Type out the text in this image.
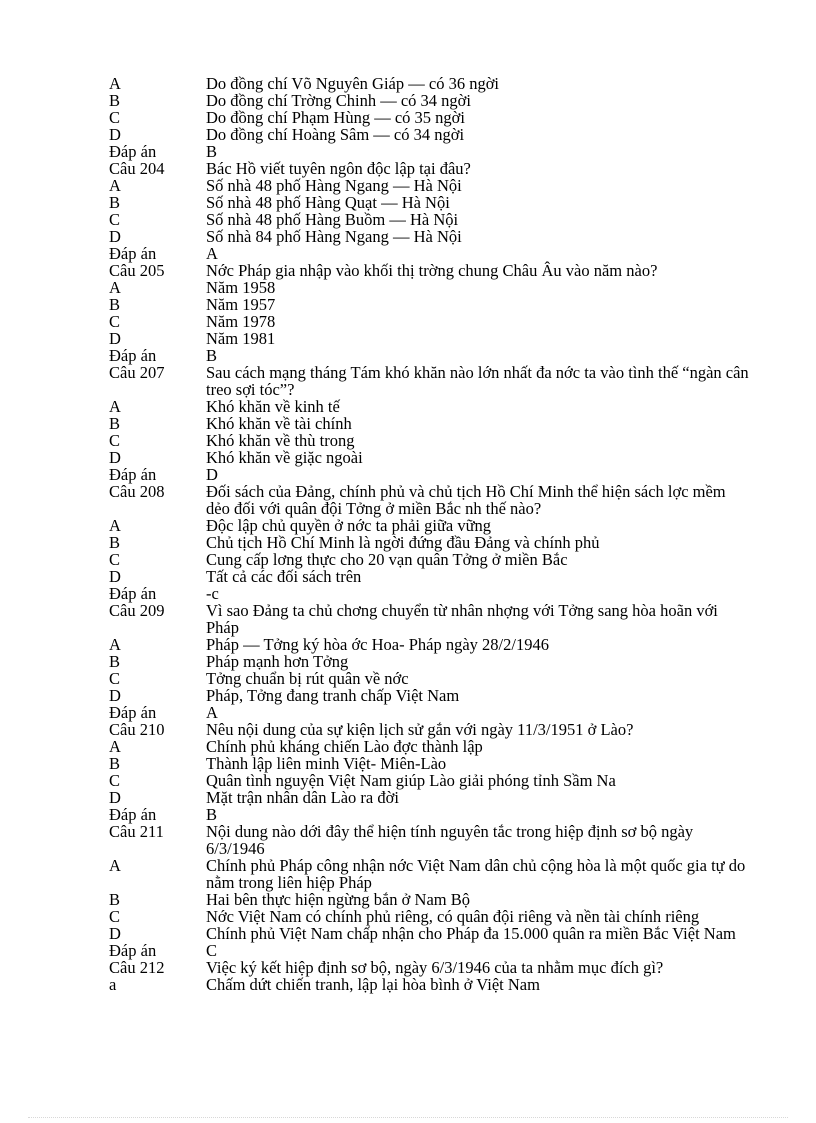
A	Do đồng chí Võ Nguyên Giáp — có 36 ngời
B	Do đồng chí Trờng Chinh — có 34 ngời
C	Do đồng chí Phạm Hùng — có 35 ngời
D	Do đồng chí Hoàng Sâm — có 34 ngời
Đáp án	B
Câu 204	Bác Hồ viết tuyên ngôn độc lập tại đâu?
A	Số nhà 48 phố Hàng Ngang — Hà Nội
B	Số nhà 48 phố Hàng Quạt — Hà Nội
C	Số nhà 48 phố Hàng Buồm — Hà Nội
D	Số nhà 84 phố Hàng Ngang — Hà Nội
Đáp án	A
Câu 205	Nớc Pháp gia nhập vào khối thị trờng chung Châu Âu vào năm nào?
A	Năm 1958
B	Năm 1957
C	Năm 1978
D	Năm 1981
Đáp án	B
Câu 207	Sau cách mạng tháng Tám khó khăn nào lớn nhất đa nớc ta vào tình thế “ngàn cân treo sợi tóc”?
A	Khó khăn về kinh tế
B	Khó khăn về tài chính
C	Khó khăn về thù trong
D	Khó khăn về giặc ngoài
Đáp án	D
Câu 208	Đối sách của Đảng, chính phủ và chủ tịch Hồ Chí Minh thể hiện sách lợc mềm dẻo đối với quân đội Tởng ở miền Bắc nh thế nào?
A	Độc lập chủ quyền ở nớc ta phải giữa vững
B	Chủ tịch Hồ Chí Minh là ngời đứng đầu Đảng và chính phủ
C	Cung cấp lơng thực cho 20 vạn quân Tởng ở miền Bắc
D	Tất cả các đối sách trên
Đáp án	-c
Câu 209	Vì sao Đảng ta chủ chơng chuyển từ nhân nhợng với Tởng sang hòa hoãn với Pháp
A	Pháp — Tởng ký hòa ớc Hoa- Pháp ngày 28/2/1946
B	Pháp mạnh hơn Tởng
C	Tởng chuẩn bị rút quân về nớc
D	Pháp, Tởng đang tranh chấp Việt Nam
Đáp án	A
Câu 210	Nêu nội dung của sự kiện lịch sử gắn với ngày 11/3/1951 ở Lào?
A	Chính phủ kháng chiến Lào đợc thành lập
B	Thành lập liên minh Việt- Miên-Lào
C	Quân tình nguyện Việt Nam giúp Lào giải phóng tỉnh Sầm Na
D	Mặt trận nhân dân Lào ra đời
Đáp án	B
Câu 211	Nội dung nào dới đây thể hiện tính nguyên tắc trong hiệp định sơ bộ ngày 6/3/1946
A	Chính phủ Pháp công nhận nớc Việt Nam dân chủ cộng hòa là một quốc gia tự do nằm trong liên hiệp Pháp
B	Hai bên thực hiện ngừng bắn ở Nam Bộ
C	Nớc Việt Nam có chính phủ riêng, có quân đội riêng và nền tài chính riêng
D	Chính phủ Việt Nam chấp nhận cho Pháp đa 15.000 quân ra miền Bắc Việt Nam
Đáp án	C
Câu 212	Việc ký kết hiệp định sơ bộ, ngày 6/3/1946 của ta nhằm mục đích gì?
a	Chấm dứt chiến tranh, lập lại hòa bình ở Việt Nam
